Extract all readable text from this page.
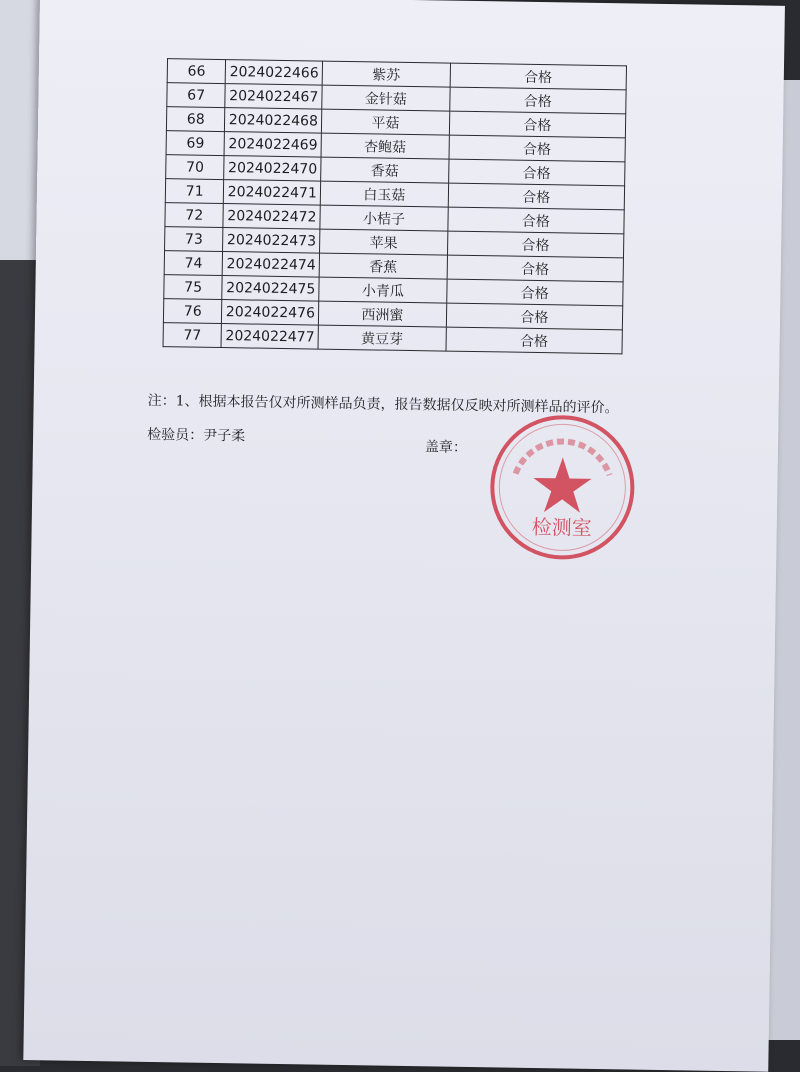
66	2024022466	紫苏	合格
67	2024022467	金针菇	合格
68	2024022468	平菇	合格
69	2024022469	杏鲍菇	合格
70	2024022470	香菇	合格
71	2024022471	白玉菇	合格
72	2024022472	小桔子	合格
73	2024022473	苹果	合格
74	2024022474	香蕉	合格
75	2024022475	小青瓜	合格
76	2024022476	西洲蜜	合格
77	2024022477	黄豆芽	合格
注：1、根据本报告仅对所测样品负责，报告数据仅反映对所测样品的评价。
检验员：尹子柔
盖章：
检测室
